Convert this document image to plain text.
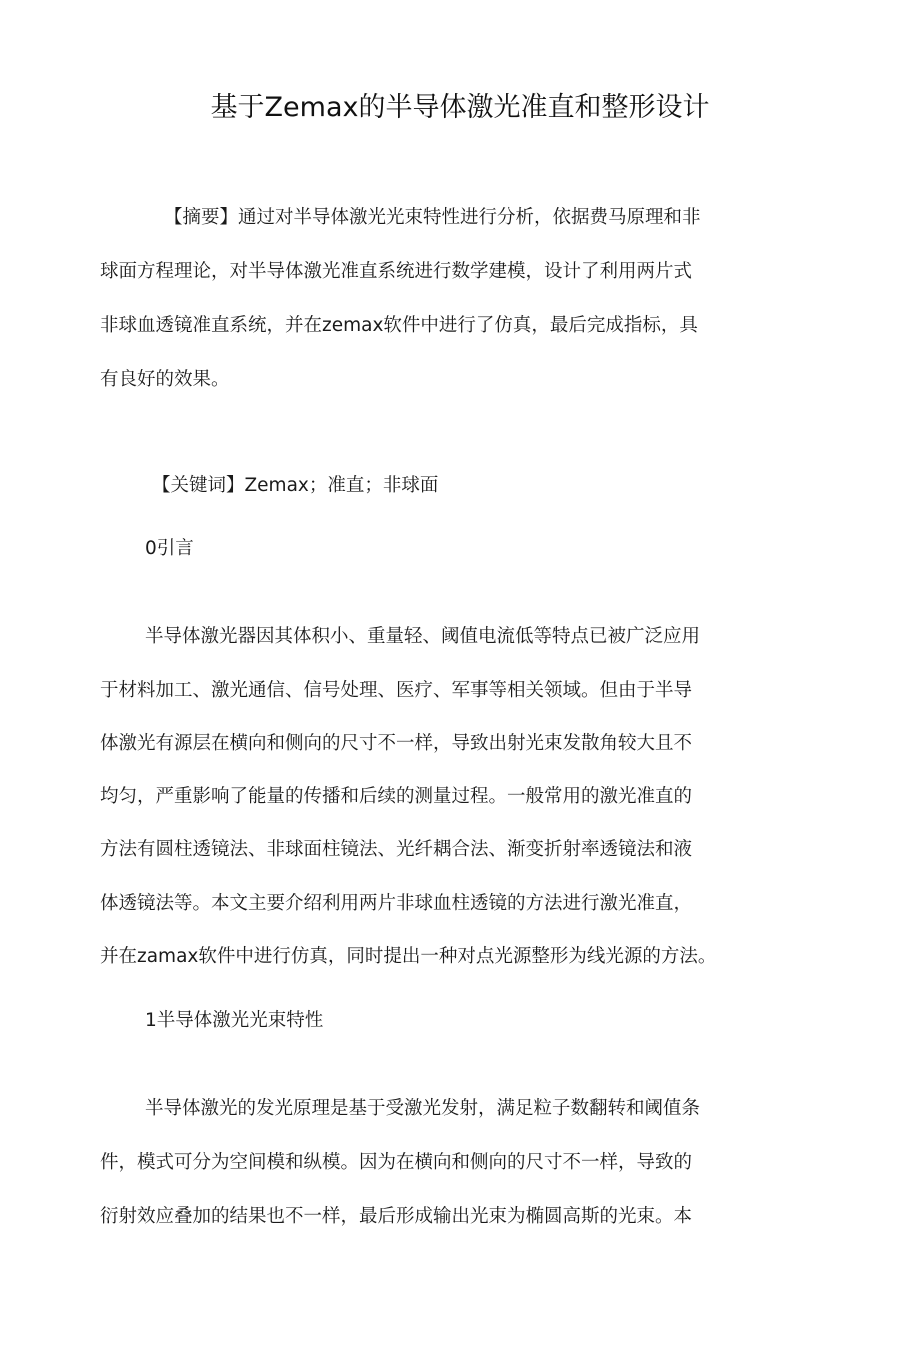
基于Zemax的半导体激光准直和整形设计
【摘要】通过对半导体激光光束特性进行分析，依据费马原理和非
球面方程理论，对半导体激光准直系统进行数学建模，设计了利用两片式
非球血透镜准直系统，并在zemax软件中进行了仿真，最后完成指标，具
有良好的效果。
【关键词】Zemax；准直；非球面
0引言
半导体激光器因其体积小、重量轻、阈值电流低等特点已被广泛应用
于材料加工、激光通信、信号处理、医疗、军事等相关领域。但由于半导
体激光有源层在横向和侧向的尺寸不一样，导致出射光束发散角较大且不
均匀，严重影响了能量的传播和后续的测量过程。一般常用的激光准直的
方法有圆柱透镜法、非球面柱镜法、光纤耦合法、渐变折射率透镜法和液
体透镜法等。本文主要介绍利用两片非球血柱透镜的方法进行激光准直，
并在zamax软件中进行仿真，同时提出一种对点光源整形为线光源的方法。
1半导体激光光束特性
半导体激光的发光原理是基于受激光发射，满足粒子数翻转和阈值条
件，模式可分为空间模和纵模。因为在横向和侧向的尺寸不一样，导致的
衍射效应叠加的结果也不一样，最后形成输出光束为椭圆高斯的光束。本
